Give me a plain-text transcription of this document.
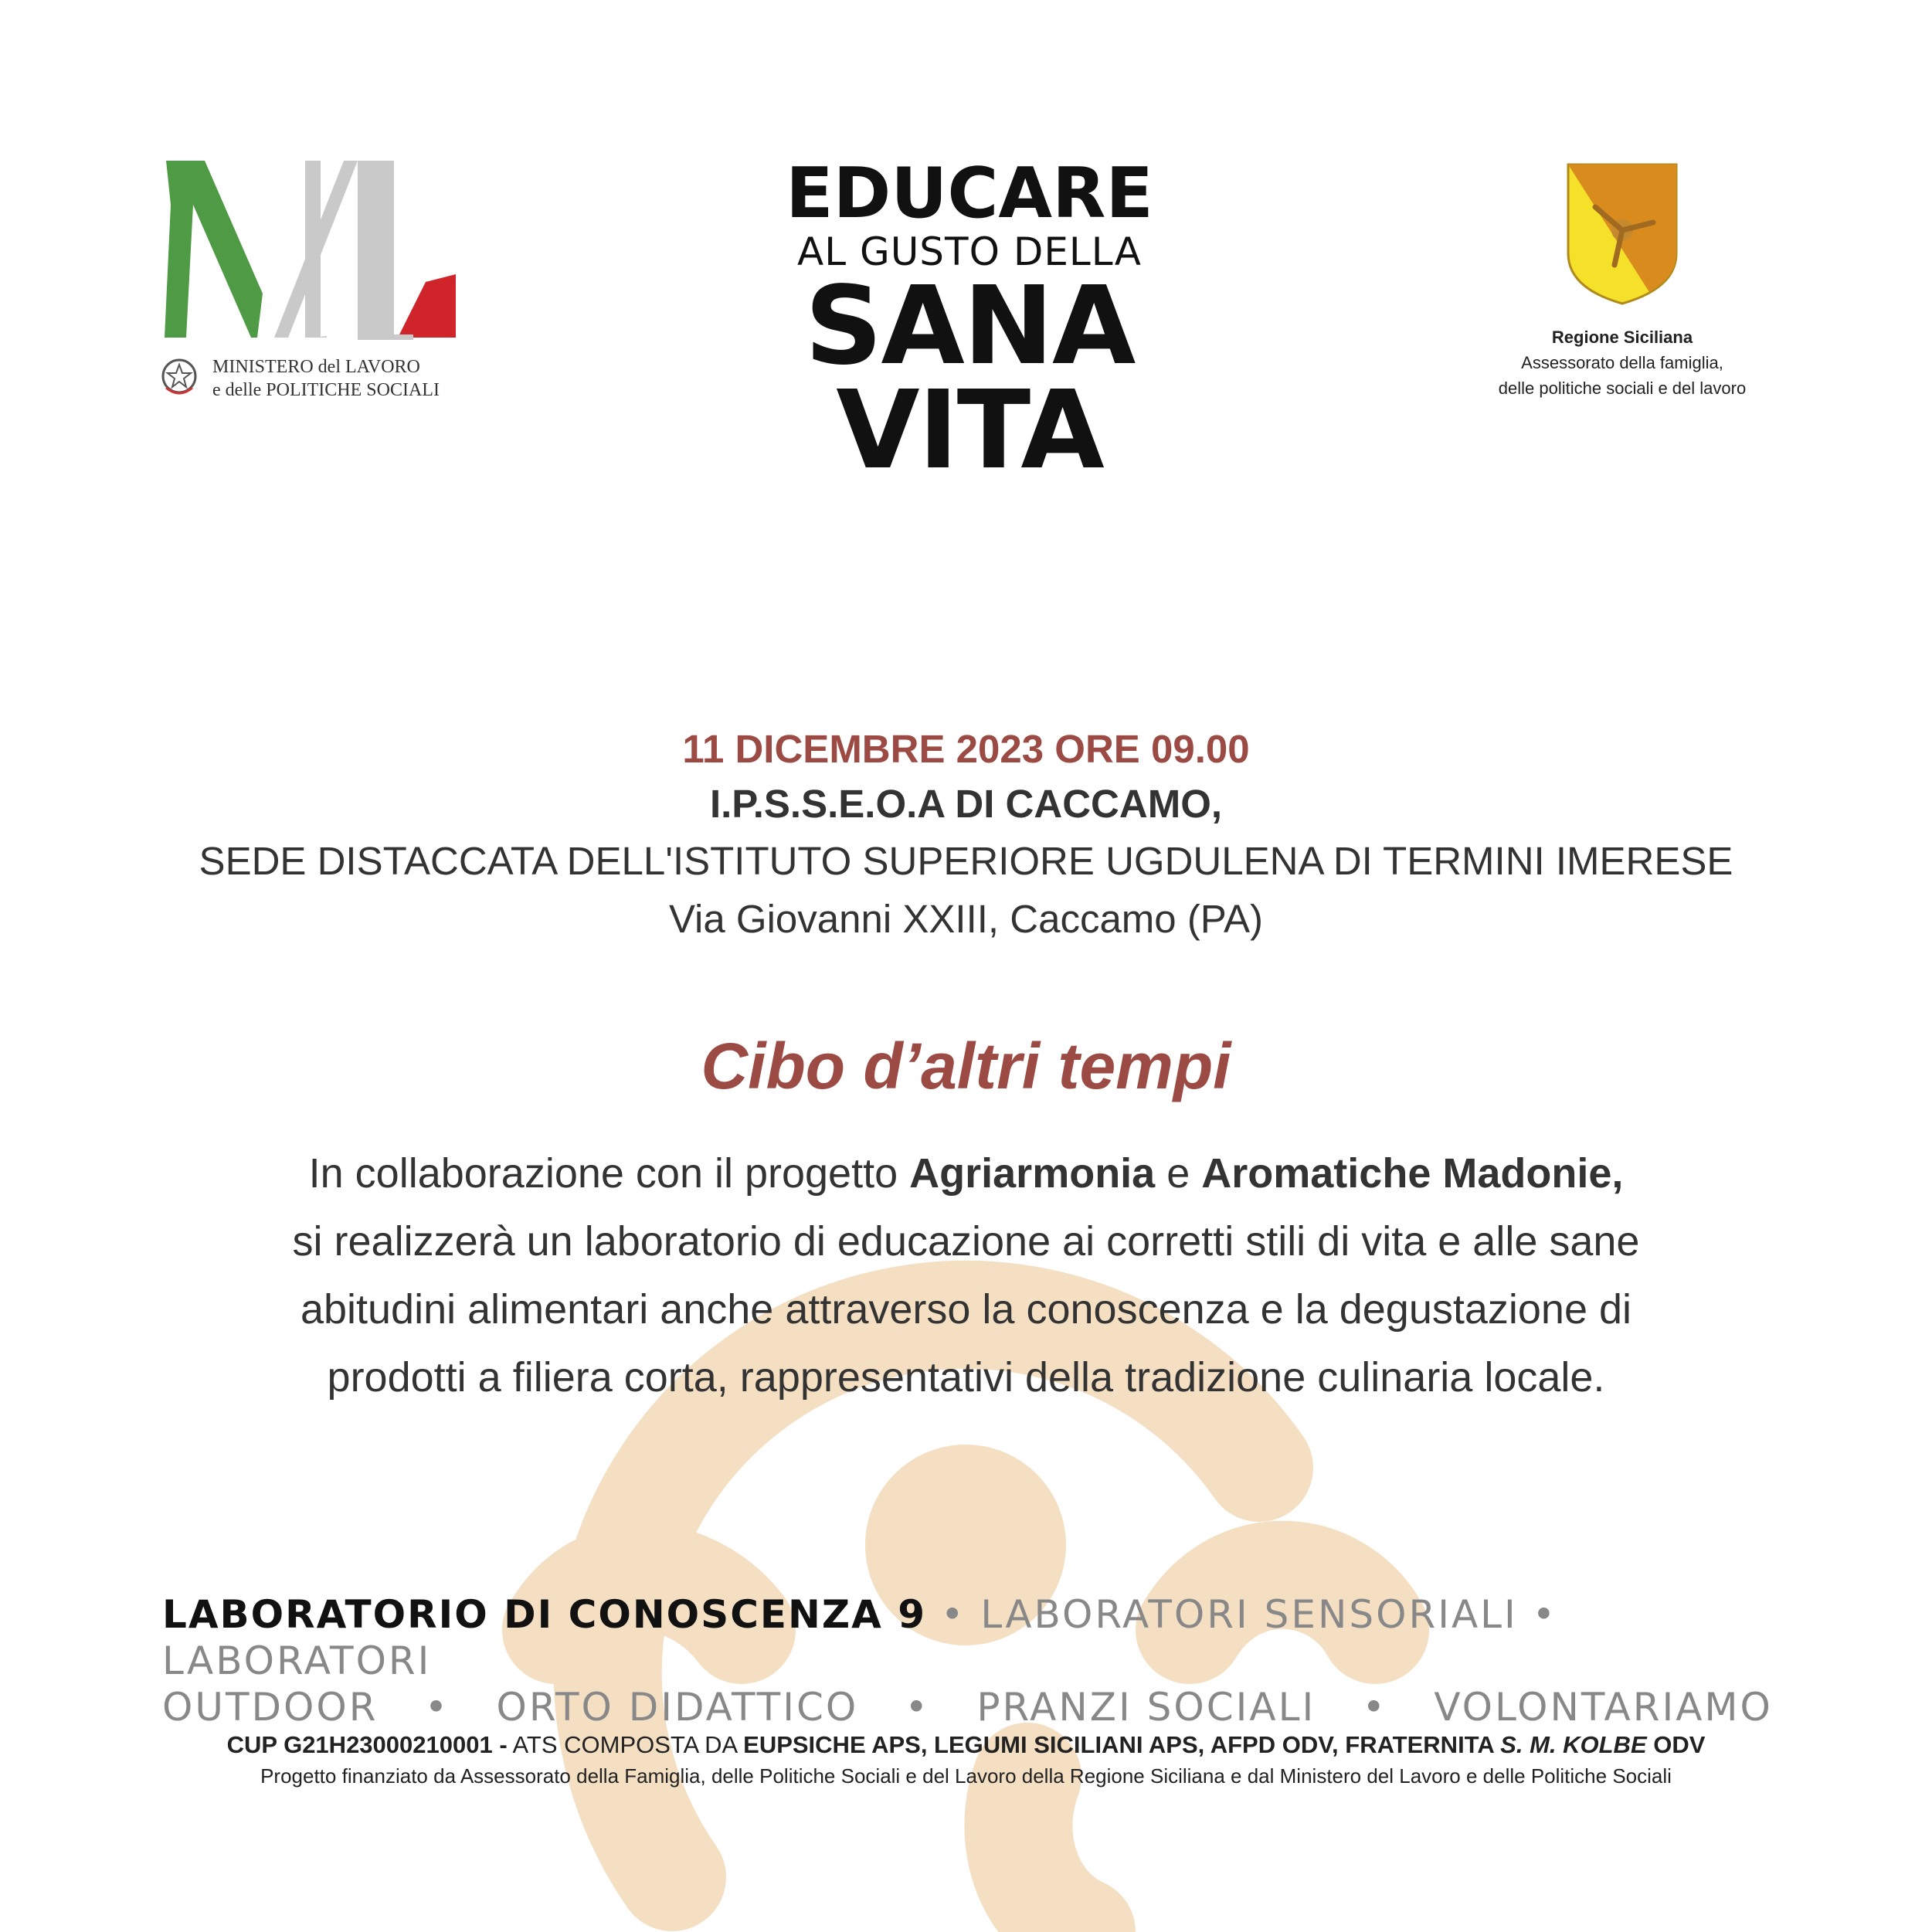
MINISTERO del LAVORO
e delle POLITICHE SOCIALI
EDUCARE
AL GUSTO DELLA
SANA
VITA
Regione Siciliana
Assessorato della famiglia,
delle politiche sociali e del lavoro
11 DICEMBRE 2023 ORE 09.00
I.P.S.S.E.O.A DI CACCAMO,
SEDE DISTACCATA DELL'ISTITUTO SUPERIORE UGDULENA DI TERMINI IMERESE
Via Giovanni XXIII, Caccamo (PA)
Cibo d’altri tempi
In collaborazione con il progetto Agriarmonia e Aromatiche Madonie,
si realizzerà un laboratorio di educazione ai corretti stili di vita e alle sane
abitudini alimentari anche attraverso la conoscenza e la degustazione di
prodotti a filiera corta, rappresentativi della tradizione culinaria locale.
LABORATORIO DI CONOSCENZA 9 • LABORATORI SENSORIALI • LABORATORI
OUTDOOR • ORTO DIDATTICO • PRANZI SOCIALI • VOLONTARIAMO
CUP G21H23000210001 - ATS COMPOSTA DA EUPSICHE APS, LEGUMI SICILIANI APS, AFPD ODV, FRATERNITA S. M. KOLBE ODV
Progetto finanziato da Assessorato della Famiglia, delle Politiche Sociali e del Lavoro della Regione Siciliana e dal Ministero del Lavoro e delle Politiche Sociali
